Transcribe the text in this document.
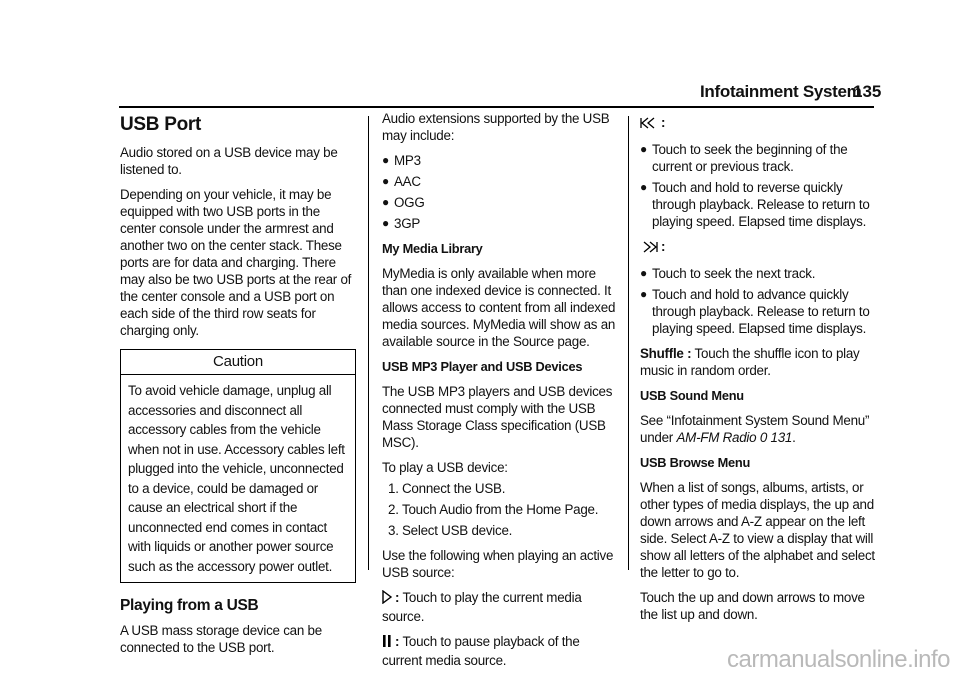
Infotainment System
135
USB Port

Audio stored on a USB device may be listened to.

Depending on your vehicle, it may be equipped with two USB ports in the center console under the armrest and another two on the center stack. These ports are for data and charging. There may also be two USB ports at the rear of the center console and a USB port on each side of the third row seats for charging only.

Caution
To avoid vehicle damage, unplug all accessories and disconnect all accessory cables from the vehicle when not in use. Accessory cables left plugged into the vehicle, unconnected to a device, could be damaged or cause an electrical short if the unconnected end comes in contact with liquids or another power source such as the accessory power outlet.
Playing from a USB

A USB mass storage device can be connected to the USB port.

Audio extensions supported by the USB may include:

● MP3
● AAC
● OGG
● 3GP
My Media Library

MyMedia is only available when more than one indexed device is connected. It allows access to content from all indexed media sources. MyMedia will show as an available source in the Source page.

USB MP3 Player and USB Devices

The USB MP3 players and USB devices connected must comply with the USB Mass Storage Class specification (USB MSC).

To play a USB device:

1. Connect the USB.
2. Touch Audio from the Home Page.
3. Select USB device.

Use the following when playing an active USB source:

: Touch to play the current media source.
: Touch to pause playback of the current media source.
:
● Touch to seek the beginning of the current or previous track.
● Touch and hold to reverse quickly through playback. Release to return to playing speed. Elapsed time displays.
:
● Touch to seek the next track.
● Touch and hold to advance quickly through playback. Release to return to playing speed. Elapsed time displays.

Shuffle : Touch the shuffle icon to play music in random order.

USB Sound Menu

See “Infotainment System Sound Menu” under AM-FM Radio 0 131.

USB Browse Menu

When a list of songs, albums, artists, or other types of media displays, the up and down arrows and A-Z appear on the left side. Select A-Z to view a display that will show all letters of the alphabet and select the letter to go to.

Touch the up and down arrows to move the list up and down.

carmanualsonline.info
